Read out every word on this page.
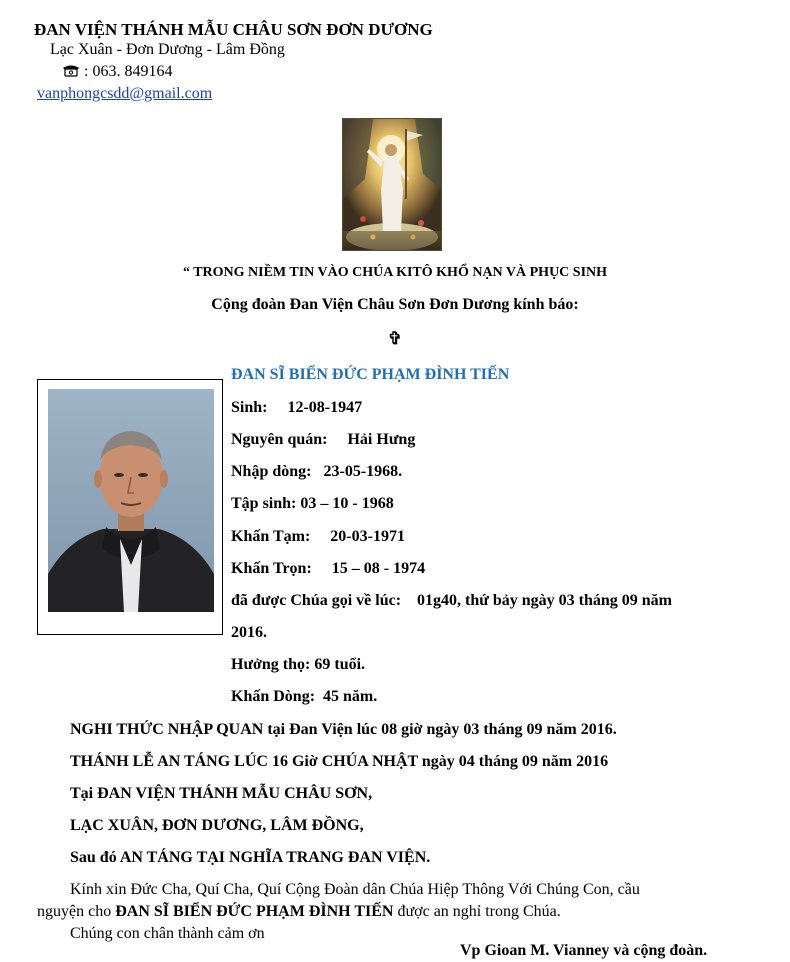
ĐAN VIỆN THÁNH MẪU CHÂU SƠN ĐƠN DƯƠNG
Lạc Xuân - Đơn Dương - Lâm Đồng
: 063. 849164
vanphongcsdd@gmail.com
“ TRONG NIỀM TIN VÀO CHÚA KITÔ KHỔ NẠN VÀ PHỤC SINH
Cộng đoàn Đan Viện Châu Sơn Đơn Dương kính báo:
✞
ĐAN SĨ BIỂN ĐỨC PHẠM ĐÌNH TIẾN
Sinh: 12-08-1947
Nguyên quán: Hải Hưng
Nhập dòng: 23-05-1968.
Tập sinh: 03 – 10 - 1968
Khấn Tạm: 20-03-1971
Khấn Trọn: 15 – 08 - 1974
đã được Chúa gọi về lúc: 01g40, thứ bảy ngày 03 tháng 09 năm
2016.
Hưởng thọ: 69 tuổi.
Khấn Dòng: 45 năm.
NGHI THỨC NHẬP QUAN tại Đan Viện lúc 08 giờ ngày 03 tháng 09 năm 2016.
THÁNH LỄ AN TÁNG LÚC 16 Giờ CHÚA NHẬT ngày 04 tháng 09 năm 2016
Tại ĐAN VIỆN THÁNH MẪU CHÂU SƠN,
LẠC XUÂN, ĐƠN DƯƠNG, LÂM ĐỒNG,
Sau đó AN TÁNG TẠI NGHĨA TRANG ĐAN VIỆN.
Kính xin Đức Cha, Quí Cha, Quí Cộng Đoàn dân Chúa Hiệp Thông Với Chúng Con, cầu
nguyện cho ĐAN SĨ BIỂN ĐỨC PHẠM ĐÌNH TIẾN được an nghỉ trong Chúa.
Chúng con chân thành cảm ơn
Vp Gioan M. Vianney và cộng đoàn.
